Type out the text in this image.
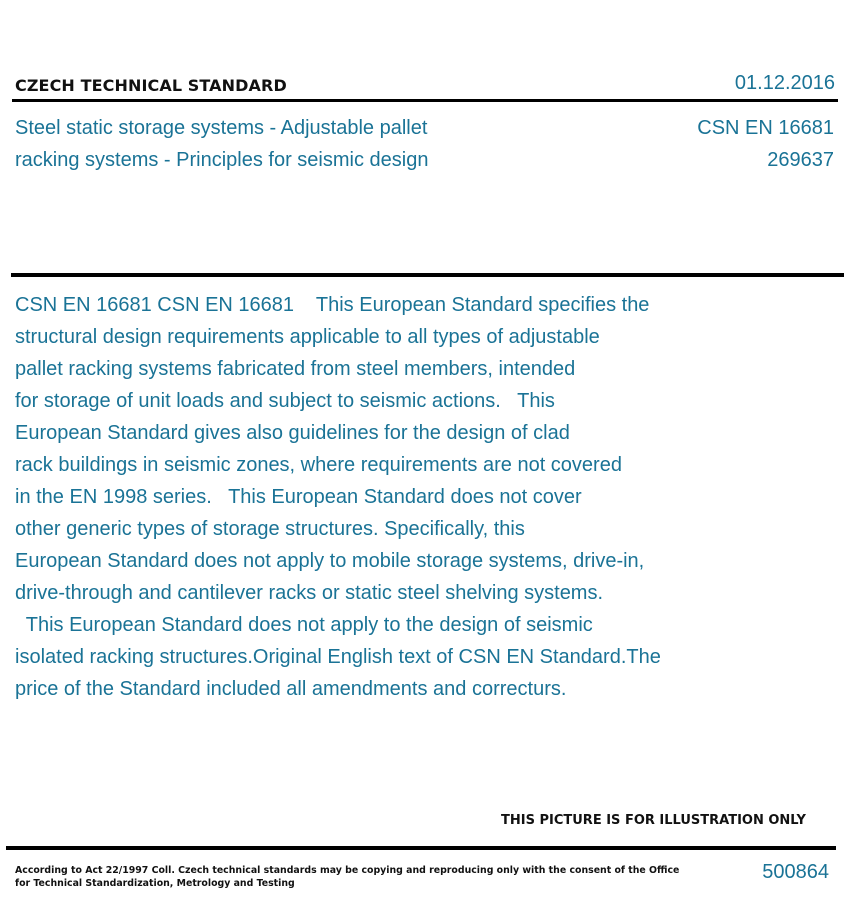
CZECH TECHNICAL STANDARD	01.12.2016
Steel static storage systems - Adjustable pallet
racking systems - Principles for seismic design
CSN EN 16681
269637
CSN EN 16681 CSN EN 16681    This European Standard specifies the
structural design requirements applicable to all types of adjustable
pallet racking systems fabricated from steel members, intended
for storage of unit loads and subject to seismic actions.   This
European Standard gives also guidelines for the design of clad
rack buildings in seismic zones, where requirements are not covered
in the EN 1998 series.   This European Standard does not cover
other generic types of storage structures. Specifically, this
European Standard does not apply to mobile storage systems, drive-in,
drive-through and cantilever racks or static steel shelving systems.
This European Standard does not apply to the design of seismic
isolated racking structures.Original English text of CSN EN Standard.The
price of the Standard included all amendments and correcturs.
THIS PICTURE IS FOR ILLUSTRATION ONLY
According to Act 22/1997 Coll. Czech technical standards may be copying and reproducing only with the consent of the Office
for Technical Standardization, Metrology and Testing
500864
